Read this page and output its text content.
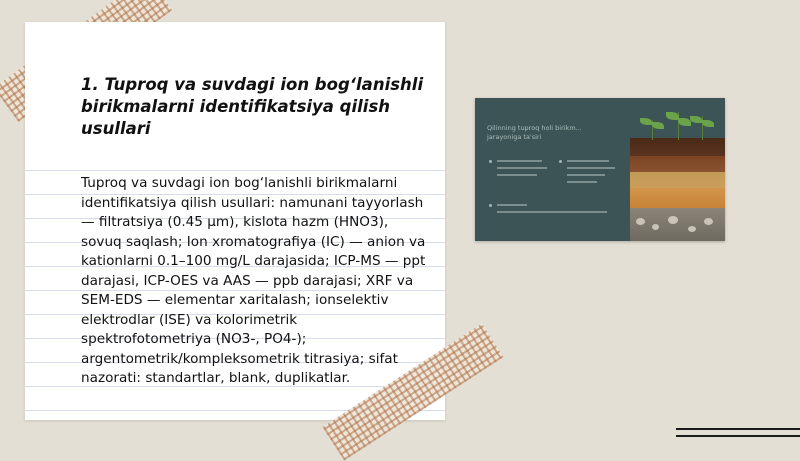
1. Tuproq va suvdagi ion bog‘lanishli birikmalarni identifikatsiya qilish usullari

Tuproq va suvdagi ion bog‘lanishli birikmalarni identifikatsiya qilish usullari: namunani tayyorlash — filtratsiya (0.45 μm), kislota hazm (HNO3), sovuq saqlash; Ion xromatografiya (IC) — anion va kationlarni 0.1–100 mg/L darajasida; ICP-MS — ppt darajasi, ICP-OES va AAS — ppb darajasi; XRF va SEM-EDS — elementar xaritalash; ionselektiv elektrodlar (ISE) va kolorimetrik spektrofotometriya (NO3-, PO4-); argentometrik/kompleksometrik titrasiya; sifat nazorati: standartlar, blank, duplikatlar.

Qilinning tuproq holi birikm... jarayoniga ta'siri
